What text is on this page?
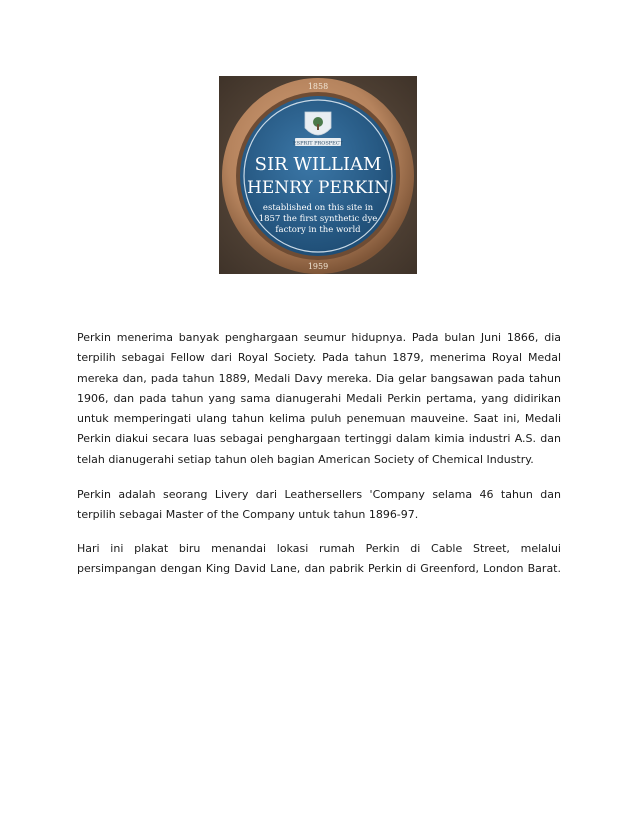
1858
ESPRIT PROSPECT
SIR WILLIAM
HENRY PERKIN
established on this site in
1857 the first synthetic dye
factory in the world
1959

Perkin menerima banyak penghargaan seumur hidupnya. Pada bulan Juni 1866, dia terpilih sebagai Fellow dari Royal Society. Pada tahun 1879, menerima Royal Medal mereka dan, pada tahun 1889, Medali Davy mereka. Dia gelar bangsawan pada tahun 1906, dan pada tahun yang sama dianugerahi Medali Perkin pertama, yang didirikan untuk memperingati ulang tahun kelima puluh penemuan mauveine. Saat ini, Medali Perkin diakui secara luas sebagai penghargaan tertinggi dalam kimia industri A.S. dan telah dianugerahi setiap tahun oleh bagian American Society of Chemical Industry.

Perkin adalah seorang Livery dari Leathersellers 'Company selama 46 tahun dan terpilih sebagai Master of the Company untuk tahun 1896-97.

Hari ini plakat biru menandai lokasi rumah Perkin di Cable Street, melalui persimpangan dengan King David Lane, dan pabrik Perkin di Greenford, London Barat.
